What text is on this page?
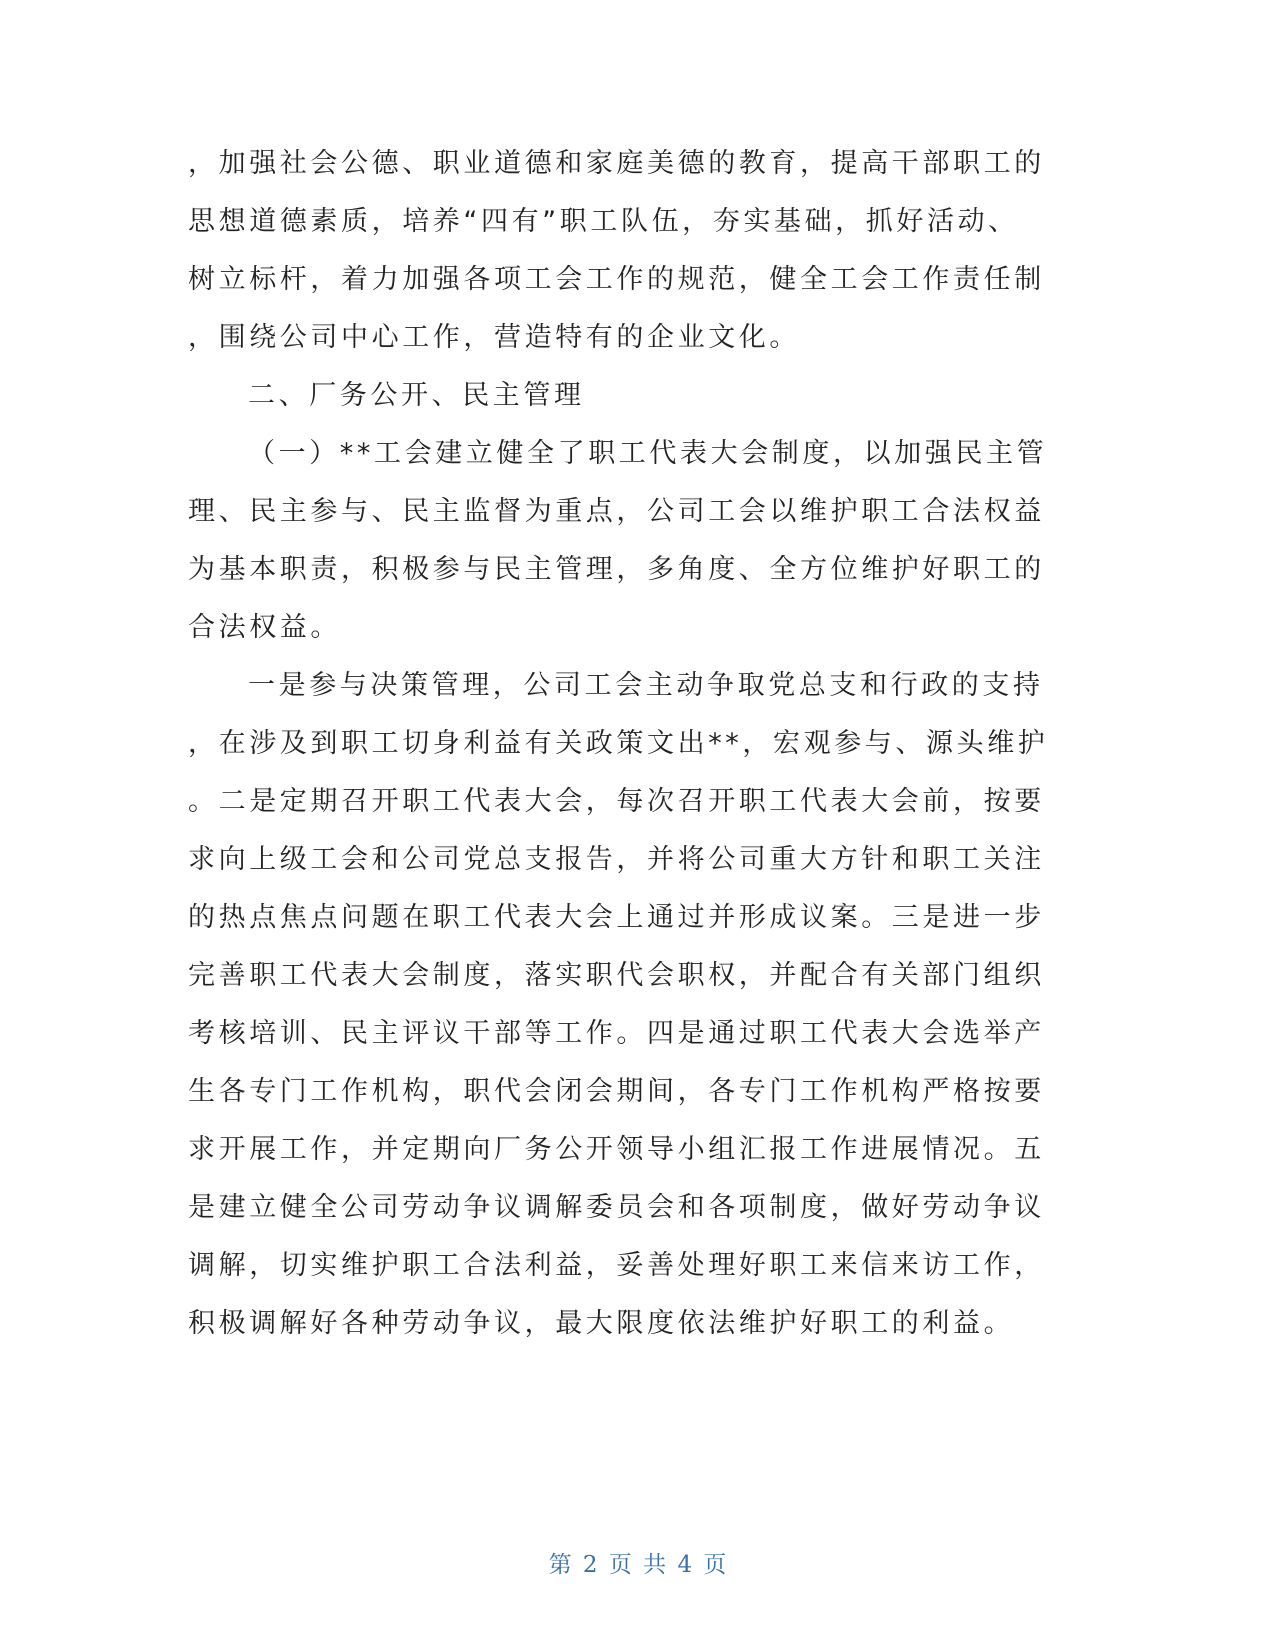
，加强社会公德、职业道德和家庭美德的教育，提高干部职工的
思想道德素质，培养“四有”职工队伍，夯实基础，抓好活动、
树立标杆，着力加强各项工会工作的规范，健全工会工作责任制
，围绕公司中心工作，营造特有的企业文化。
二、厂务公开、民主管理
（一）**工会建立健全了职工代表大会制度，以加强民主管
理、民主参与、民主监督为重点，公司工会以维护职工合法权益
为基本职责，积极参与民主管理，多角度、全方位维护好职工的
合法权益。
一是参与决策管理，公司工会主动争取党总支和行政的支持
，在涉及到职工切身利益有关政策文出**，宏观参与、源头维护
。二是定期召开职工代表大会，每次召开职工代表大会前，按要
求向上级工会和公司党总支报告，并将公司重大方针和职工关注
的热点焦点问题在职工代表大会上通过并形成议案。三是进一步
完善职工代表大会制度，落实职代会职权，并配合有关部门组织
考核培训、民主评议干部等工作。四是通过职工代表大会选举产
生各专门工作机构，职代会闭会期间，各专门工作机构严格按要
求开展工作，并定期向厂务公开领导小组汇报工作进展情况。五
是建立健全公司劳动争议调解委员会和各项制度，做好劳动争议
调解，切实维护职工合法利益，妥善处理好职工来信来访工作，
积极调解好各种劳动争议，最大限度依法维护好职工的利益。
第 2 页 共 4 页
